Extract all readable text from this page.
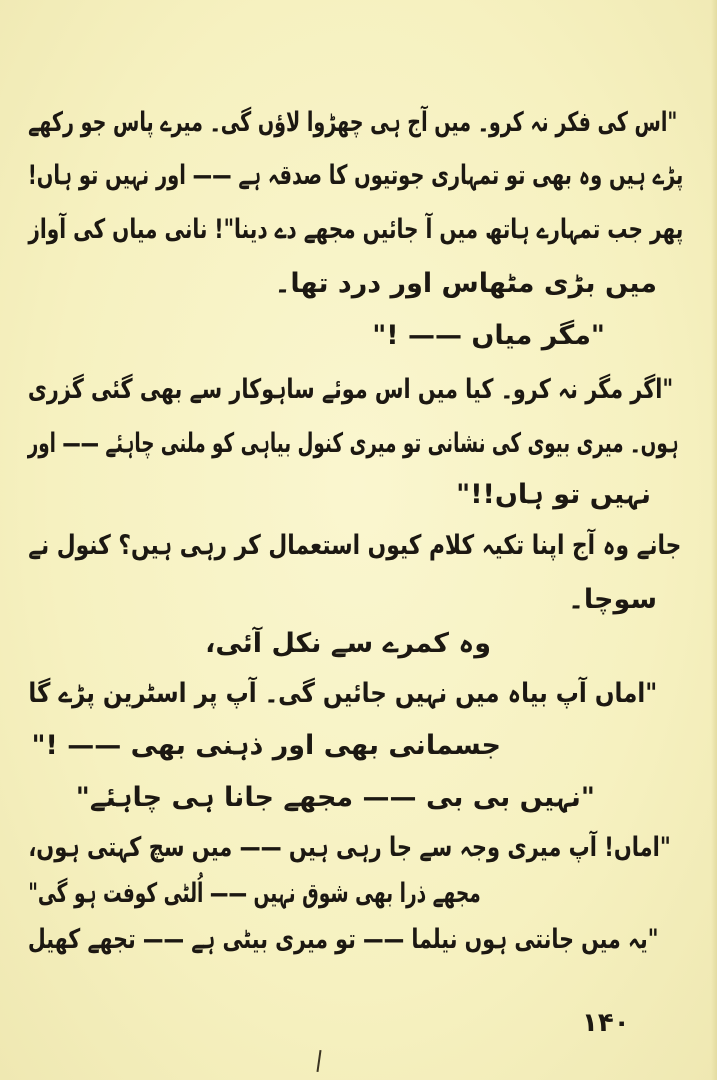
"اس کی فکر نہ کرو۔ میں آج ہی چھڑوا لاؤں گی۔ میرے پاس جو رکھے
پڑے ہیں وہ بھی تو تمہاری جوتیوں کا صدقہ ہے —— اور نہیں تو ہاں!
پھر جب تمہارے ہاتھ میں آ جائیں مجھے دے دینا"! نانی میاں کی آواز
میں بڑی مٹھاس اور درد تھا۔
"مگر میاں —— !"
"اگر مگر نہ کرو۔ کیا میں اس موئے ساہوکار سے بھی گئی گزری
ہوں۔ میری بیوی کی نشانی تو میری کنول بیاہی کو ملنی چاہئے —— اور
نہیں تو ہاں!!"
جانے وہ آج اپنا تکیہ کلام کیوں استعمال کر رہی ہیں؟ کنول نے
سوچا۔
وہ کمرے سے نکل آئی،
"اماں آپ بیاہ میں نہیں جائیں گی۔ آپ پر اسٹرین پڑے گا
جسمانی بھی اور ذہنی بھی —— !"
"نہیں بی بی —— مجھے جانا ہی چاہئے"
"اماں! آپ میری وجہ سے جا رہی ہیں —— میں سچ کہتی ہوں،
مجھے ذرا بھی شوق نہیں —— اُلٹی کوفت ہو گی"
"یہ میں جانتی ہوں نیلما —— تو میری بیٹی ہے —— تجھے کھیل
۱۴۰
